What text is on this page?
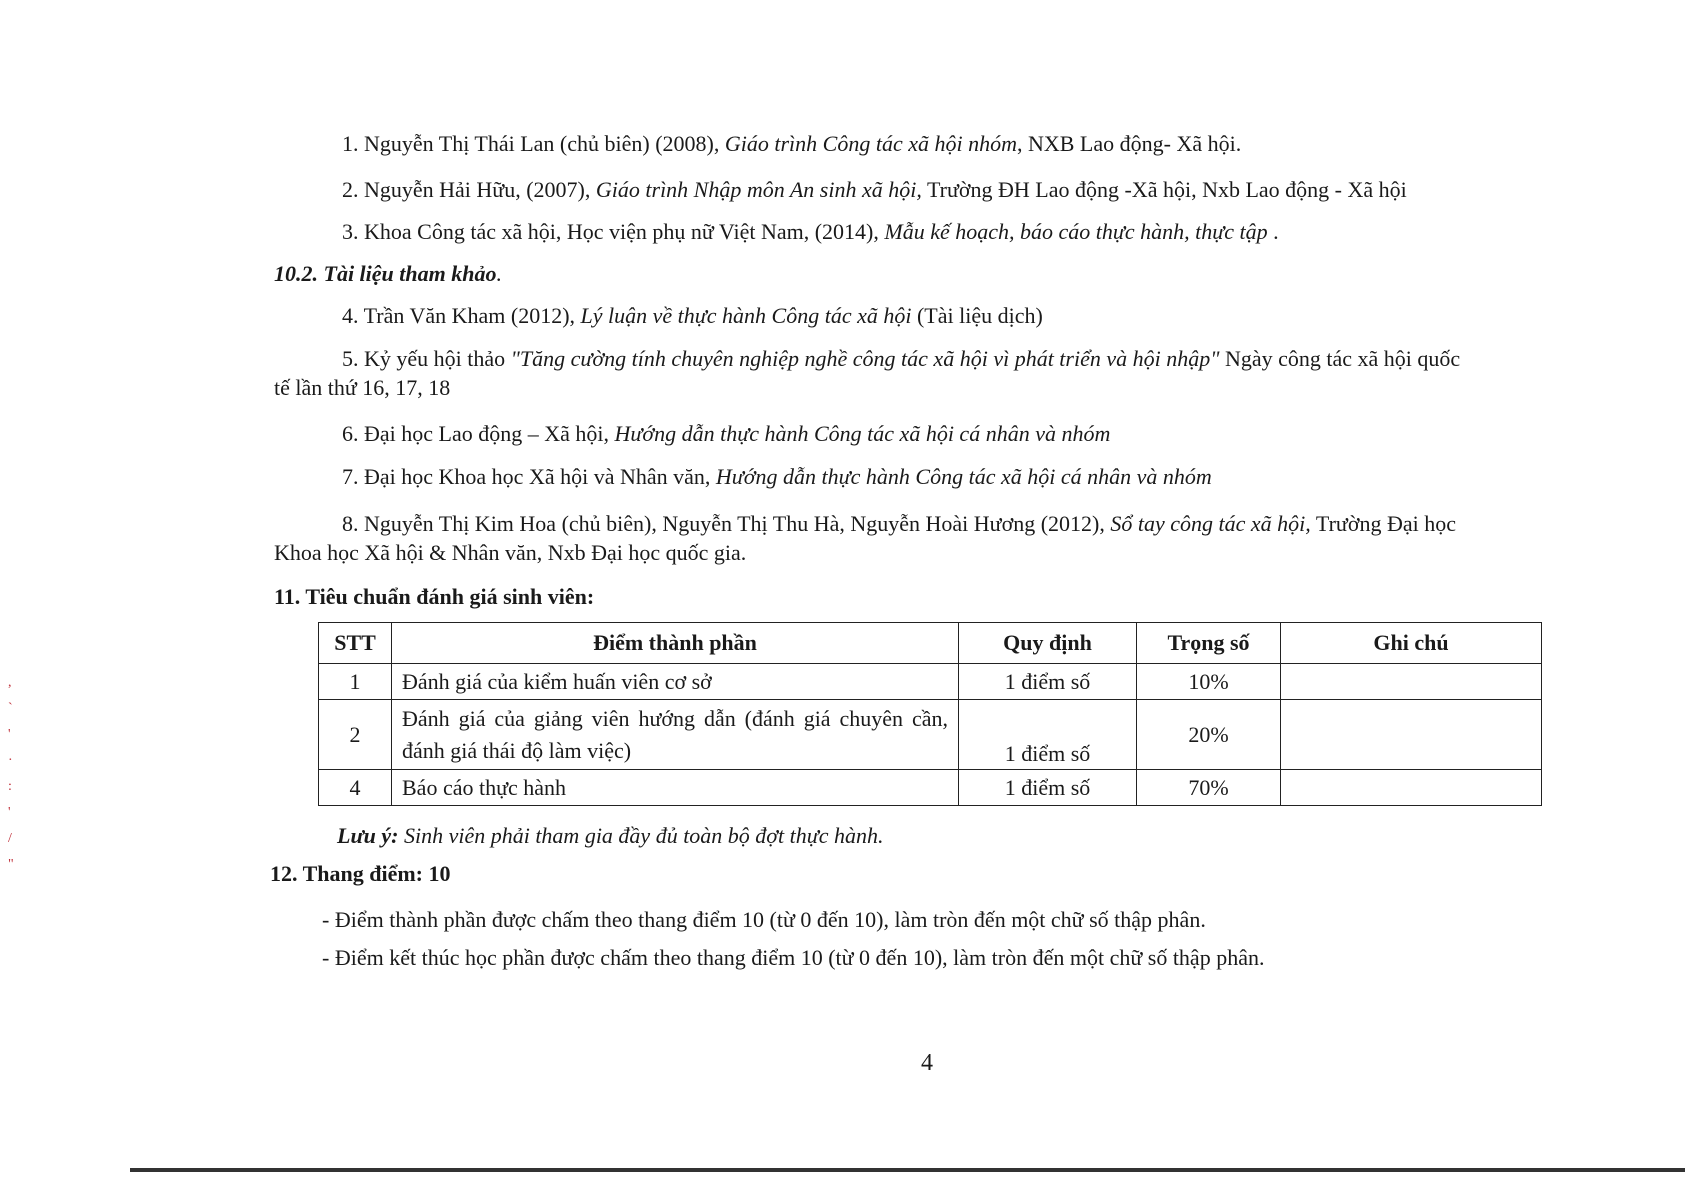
1. Nguyễn Thị Thái Lan (chủ biên) (2008), Giáo trình Công tác xã hội nhóm, NXB Lao động- Xã hội.
2. Nguyễn Hải Hữu, (2007), Giáo trình Nhập môn An sinh xã hội, Trường ĐH Lao động -Xã hội, Nxb Lao động - Xã hội
3. Khoa Công tác xã hội, Học viện phụ nữ Việt Nam, (2014), Mẫu kế hoạch, báo cáo thực hành, thực tập .
10.2. Tài liệu tham khảo.
4. Trần Văn Kham (2012), Lý luận về thực hành Công tác xã hội (Tài liệu dịch)
5. Kỷ yếu hội thảo "Tăng cường tính chuyên nghiệp nghề công tác xã hội vì phát triển và hội nhập" Ngày công tác xã hội quốc
tế lần thứ 16, 17, 18
6. Đại học Lao động – Xã hội, Hướng dẫn thực hành Công tác xã hội cá nhân và nhóm
7. Đại học Khoa học Xã hội và Nhân văn, Hướng dẫn thực hành Công tác xã hội cá nhân và nhóm
8. Nguyễn Thị Kim Hoa (chủ biên), Nguyễn Thị Thu Hà, Nguyễn Hoài Hương (2012), Sổ tay công tác xã hội, Trường Đại học
Khoa học Xã hội & Nhân văn, Nxb Đại học quốc gia.
11. Tiêu chuẩn đánh giá sinh viên:
STT	Điểm thành phần	Quy định	Trọng số	Ghi chú
1	Đánh giá của kiểm huấn viên cơ sở	1 điểm số	10%	
2	Đánh giá của giảng viên hướng dẫn (đánh giá chuyên cần, đánh giá thái độ làm việc)	1 điểm số	20%	
4	Báo cáo thực hành	1 điểm số	70%	
Lưu ý: Sinh viên phải tham gia đầy đủ toàn bộ đợt thực hành.
12. Thang điểm: 10
- Điểm thành phần được chấm theo thang điểm 10 (từ 0 đến 10), làm tròn đến một chữ số thập phân.
- Điểm kết thúc học phần được chấm theo thang điểm 10 (từ 0 đến 10), làm tròn đến một chữ số thập phân.
4
,
`
'
·
:
'
/
"
